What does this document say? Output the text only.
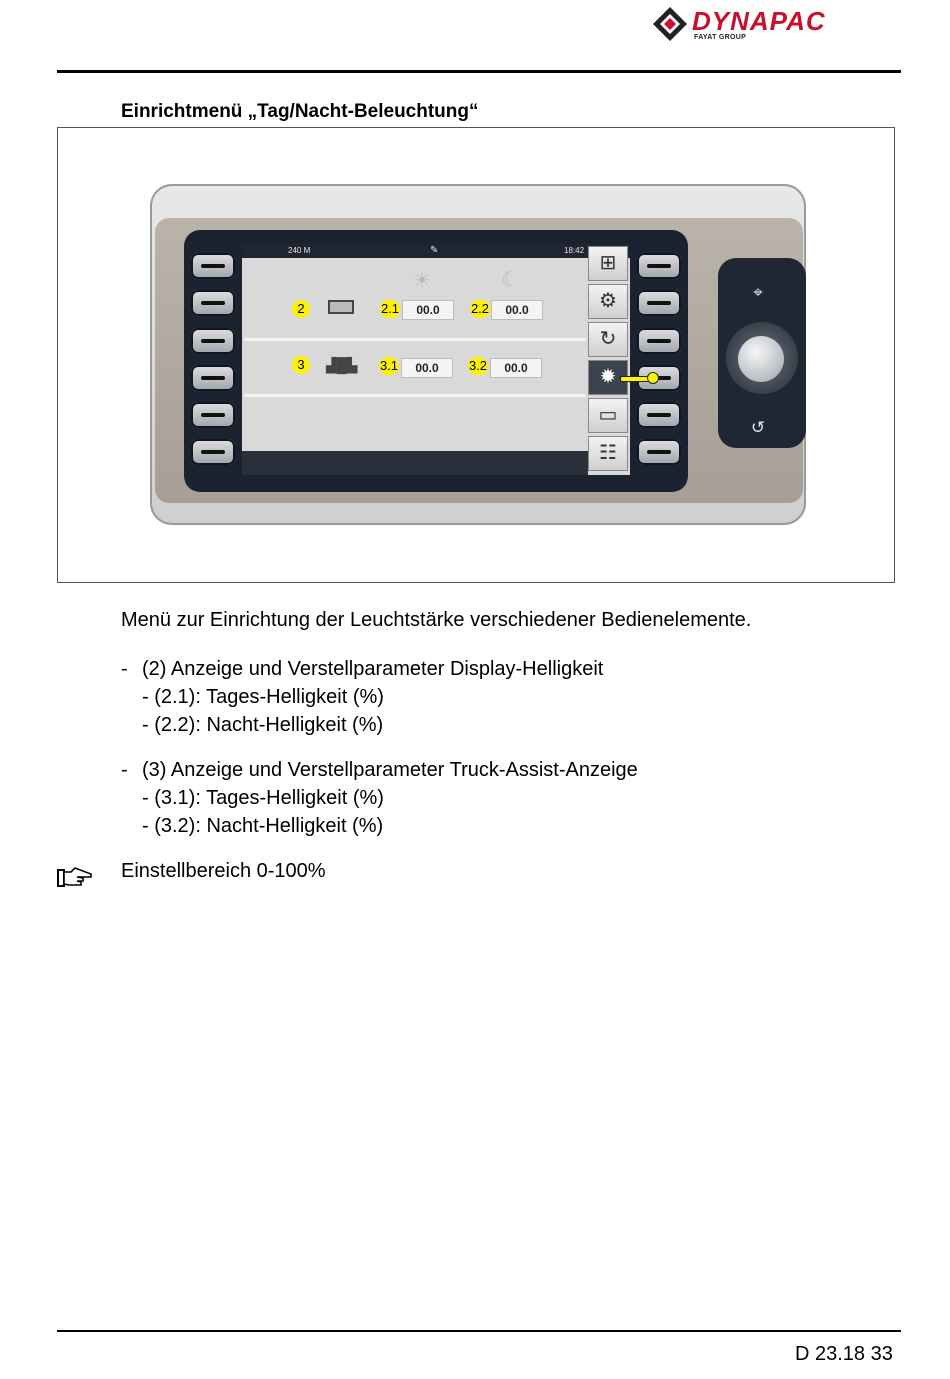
DYNAPAC
FAYAT GROUP
Einrichtmenü „Tag/Nacht-Beleuchtung“
240 M	✎	18:42
☀	☾
2	2.1	00.0	2.2	00.0
3	▟█▙ 3.1	00.0	3.2	00.0
⊞
⚙
↻
✹
▭
☷
⌖
↺
Menü zur Einrichtung der Leuchtstärke verschiedener Bedienelemente.
- (2) Anzeige und Verstellparameter Display-Helligkeit
- (2.1): Tages-Helligkeit (%)
- (2.2): Nacht-Helligkeit (%)
- (3) Anzeige und Verstellparameter Truck-Assist-Anzeige
- (3.1): Tages-Helligkeit (%)
- (3.2): Nacht-Helligkeit (%)
Einstellbereich 0-100%
D 23.18 33
